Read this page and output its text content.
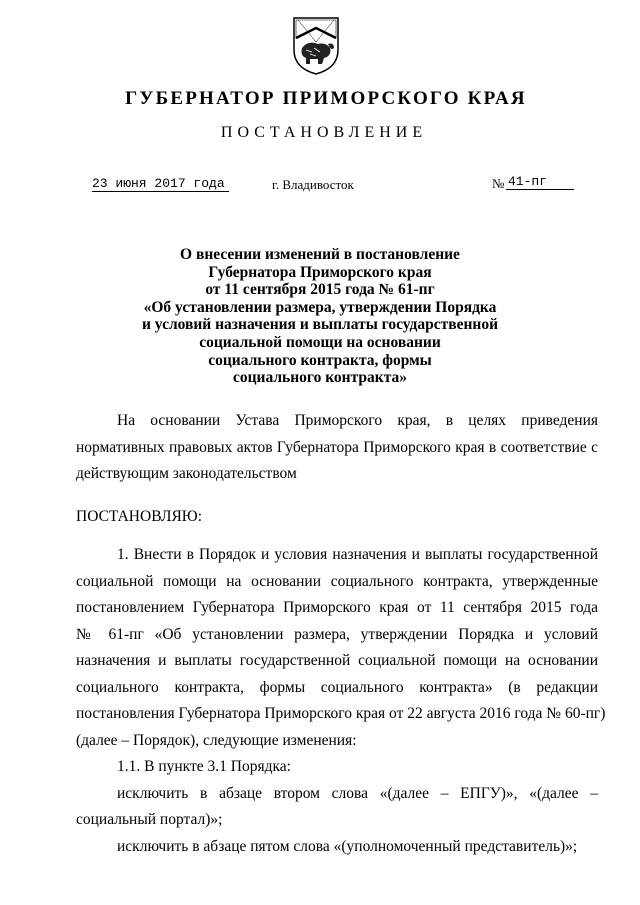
ГУБЕРНАТОР ПРИМОРСКОГО КРАЯ
ПОСТАНОВЛЕНИЕ
23 июня 2017 года	г. Владивосток	№ 41-пг
О внесении изменений в постановление
Губернатора Приморского края
от 11 сентября 2015 года № 61-пг
«Об установлении размера, утверждении Порядка
и условий назначения и выплаты государственной
социальной помощи на основании
социального контракта, формы
социального контракта»
На основании Устава Приморского края, в целях приведения
нормативных правовых актов Губернатора Приморского края в соответствие с
действующим законодательством
ПОСТАНОВЛЯЮ:
1. Внести в Порядок и условия назначения и выплаты государственной
социальной помощи на основании социального контракта, утвержденные
постановлением Губернатора Приморского края от 11 сентября 2015 года
№ 61-пг «Об установлении размера, утверждении Порядка и условий
назначения и выплаты государственной социальной помощи на основании
социального контракта, формы социального контракта» (в редакции
постановления Губернатора Приморского края от 22 августа 2016 года № 60-пг)
(далее – Порядок), следующие изменения:
1.1. В пункте 3.1 Порядка:
исключить в абзаце втором слова «(далее – ЕПГУ)», «(далее –
социальный портал)»;
исключить в абзаце пятом слова «(уполномоченный представитель)»;
